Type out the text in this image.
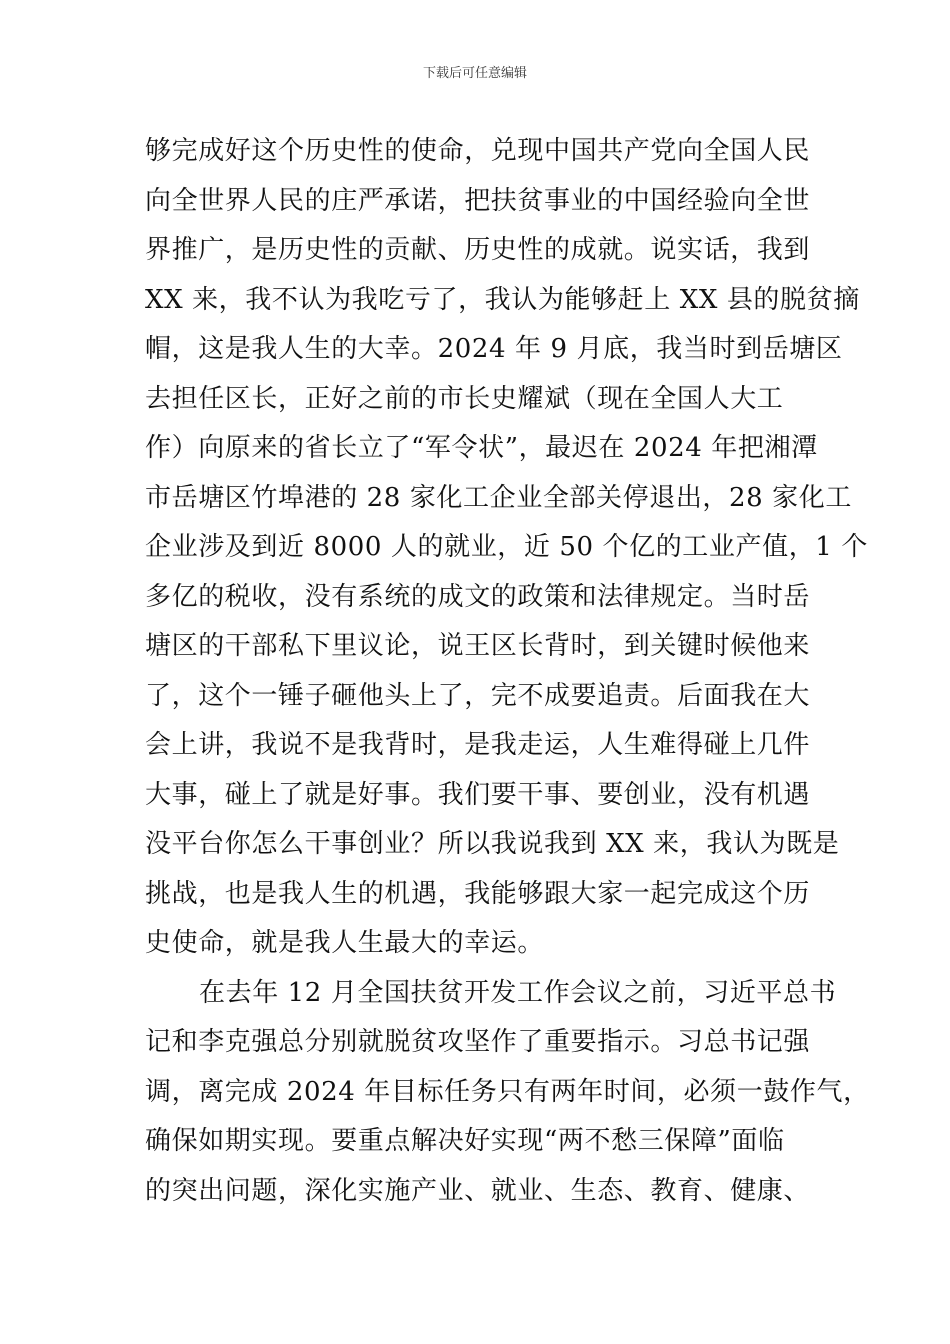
下载后可任意编辑
够完成好这个历史性的使命，兑现中国共产党向全国人民
向全世界人民的庄严承诺，把扶贫事业的中国经验向全世
界推广，是历史性的贡献、历史性的成就。说实话，我到
XX 来，我不认为我吃亏了，我认为能够赶上 XX 县的脱贫摘
帽，这是我人生的大幸。2024 年 9 月底，我当时到岳塘区
去担任区长，正好之前的市长史耀斌（现在全国人大工
作）向原来的省长立了“军令状”，最迟在 2024 年把湘潭
市岳塘区竹埠港的 28 家化工企业全部关停退出，28 家化工
企业涉及到近 8000 人的就业，近 50 个亿的工业产值，1 个
多亿的税收，没有系统的成文的政策和法律规定。当时岳
塘区的干部私下里议论，说王区长背时，到关键时候他来
了，这个一锤子砸他头上了，完不成要追责。后面我在大
会上讲，我说不是我背时，是我走运，人生难得碰上几件
大事，碰上了就是好事。我们要干事、要创业，没有机遇
没平台你怎么干事创业？所以我说我到 XX 来，我认为既是
挑战，也是我人生的机遇，我能够跟大家一起完成这个历
史使命，就是我人生最大的幸运。
在去年 12 月全国扶贫开发工作会议之前，习近平总书
记和李克强总分别就脱贫攻坚作了重要指示。习总书记强
调，离完成 2024 年目标任务只有两年时间，必须一鼓作气，
确保如期实现。要重点解决好实现“两不愁三保障”面临
的突出问题，深化实施产业、就业、生态、教育、健康、
